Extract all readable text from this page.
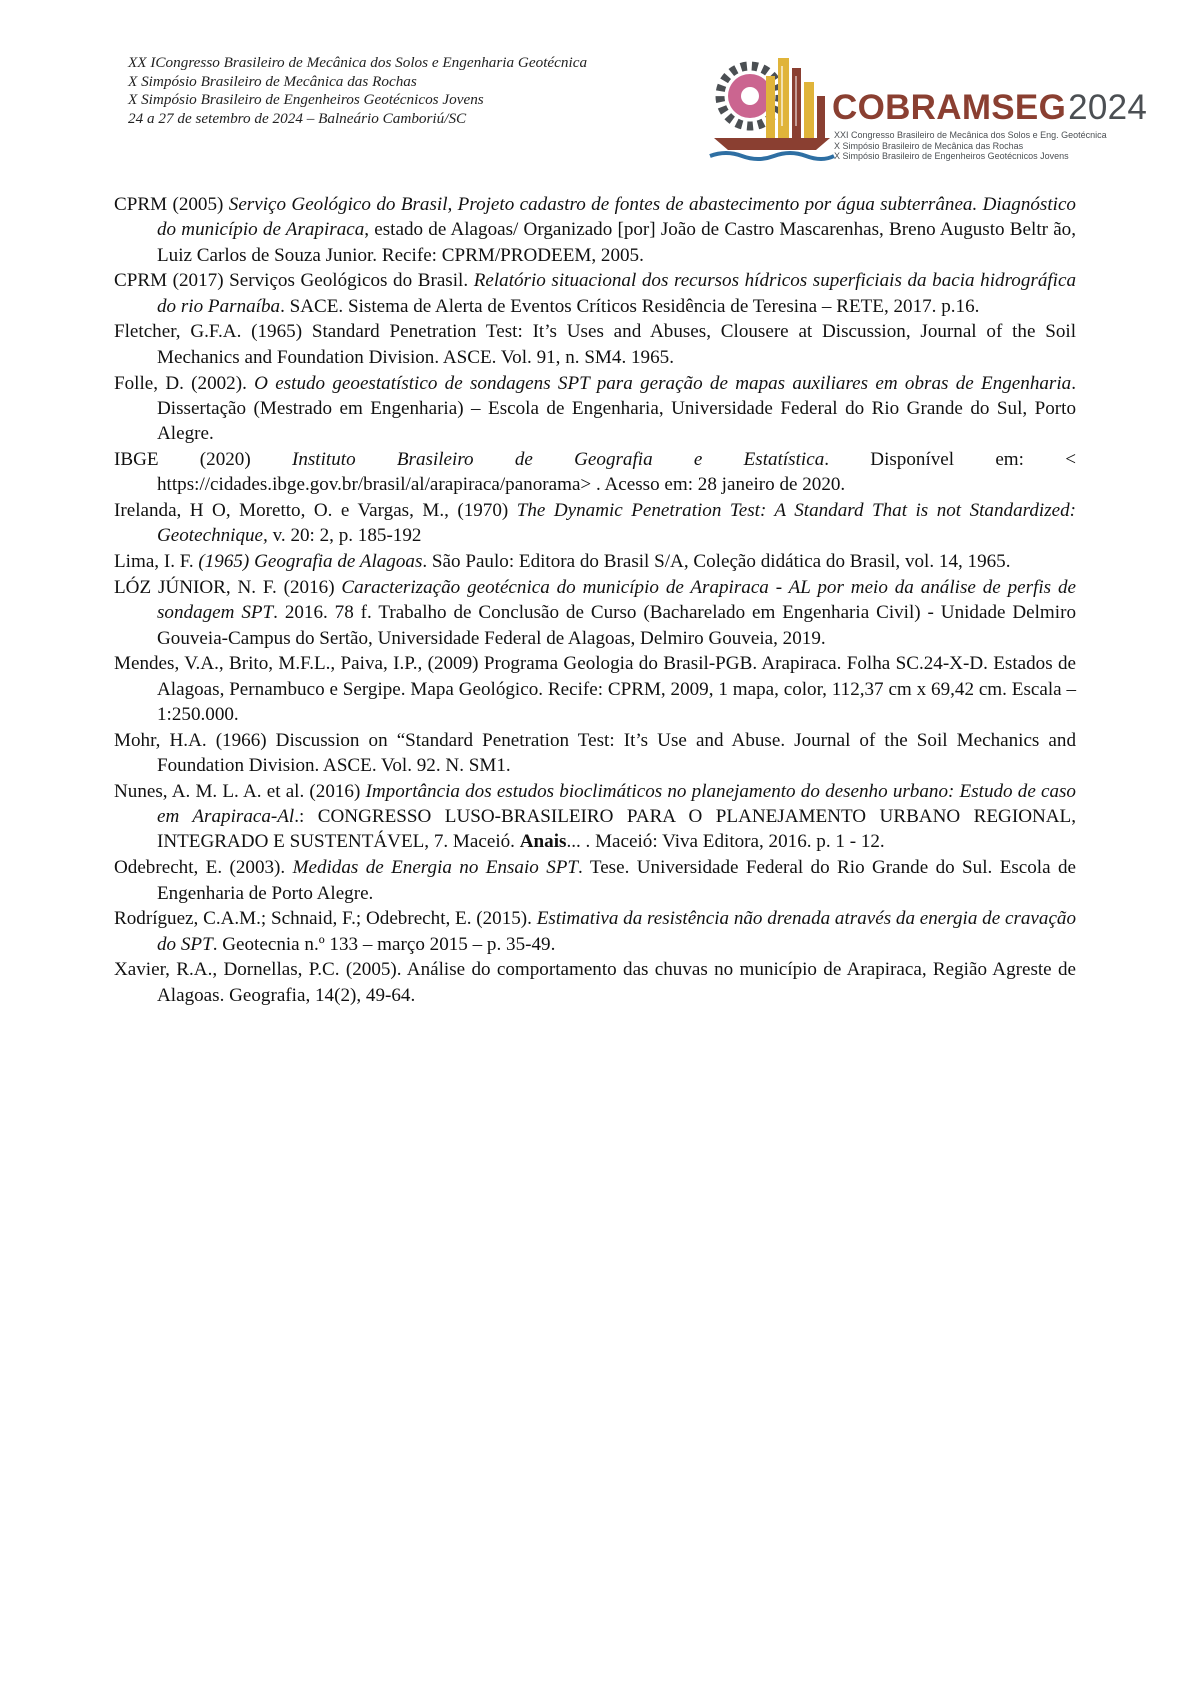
XX ICongresso Brasileiro de Mecânica dos Solos e Engenharia Geotécnica
X Simpósio Brasileiro de Mecânica das Rochas
X Simpósio Brasileiro de Engenheiros Geotécnicos Jovens
24 a 27 de setembro de 2024 – Balneário Camboriú/SC	COBRAMSEG2024
XXI Congresso Brasileiro de Mecânica dos Solos e Eng. Geotécnica
X Simpósio Brasileiro de Mecânica das Rochas
X Simpósio Brasileiro de Engenheiros Geotécnicos Jovens

CPRM (2005) Serviço Geológico do Brasil, Projeto cadastro de fontes de abastecimento por água subterrânea. Diagnóstico do município de Arapiraca, estado de Alagoas/ Organizado [por] João de Castro Mascarenhas, Breno Augusto Beltr ão, Luiz Carlos de Souza Junior. Recife: CPRM/PRODEEM, 2005.

CPRM (2017) Serviços Geológicos do Brasil. Relatório situacional dos recursos hídricos superficiais da bacia hidrográfica do rio Parnaíba. SACE. Sistema de Alerta de Eventos Críticos Residência de Teresina – RETE, 2017. p.16.

Fletcher, G.F.A. (1965) Standard Penetration Test: It’s Uses and Abuses, Clousere at Discussion, Journal of the Soil Mechanics and Foundation Division. ASCE. Vol. 91, n. SM4. 1965.

Folle, D. (2002). O estudo geoestatístico de sondagens SPT para geração de mapas auxiliares em obras de Engenharia. Dissertação (Mestrado em Engenharia) – Escola de Engenharia, Universidade Federal do Rio Grande do Sul, Porto Alegre.

IBGE (2020) Instituto Brasileiro de Geografia e Estatística. Disponível em: < https://cidades.ibge.gov.br/brasil/al/arapiraca/panorama> . Acesso em: 28 janeiro de 2020.

Irelanda, H O, Moretto, O. e Vargas, M., (1970) The Dynamic Penetration Test: A Standard That is not Standardized: Geotechnique, v. 20: 2, p. 185-192

Lima, I. F. (1965) Geografia de Alagoas. São Paulo: Editora do Brasil S/A, Coleção didática do Brasil, vol. 14, 1965.

LÓZ JÚNIOR, N. F. (2016) Caracterização geotécnica do município de Arapiraca - AL por meio da análise de perfis de sondagem SPT. 2016. 78 f. Trabalho de Conclusão de Curso (Bacharelado em Engenharia Civil) - Unidade Delmiro Gouveia-Campus do Sertão, Universidade Federal de Alagoas, Delmiro Gouveia, 2019.

Mendes, V.A., Brito, M.F.L., Paiva, I.P., (2009) Programa Geologia do Brasil-PGB. Arapiraca. Folha SC.24-X-D. Estados de Alagoas, Pernambuco e Sergipe. Mapa Geológico. Recife: CPRM, 2009, 1 mapa, color, 112,37 cm x 69,42 cm. Escala – 1:250.000.

Mohr, H.A. (1966) Discussion on “Standard Penetration Test: It’s Use and Abuse. Journal of the Soil Mechanics and Foundation Division. ASCE. Vol. 92. N. SM1.

Nunes, A. M. L. A. et al. (2016) Importância dos estudos bioclimáticos no planejamento do desenho urbano: Estudo de caso em Arapiraca-Al.: CONGRESSO LUSO-BRASILEIRO PARA O PLANEJAMENTO URBANO REGIONAL, INTEGRADO E SUSTENTÁVEL, 7. Maceió. Anais... . Maceió: Viva Editora, 2016. p. 1 - 12.

Odebrecht, E. (2003). Medidas de Energia no Ensaio SPT. Tese. Universidade Federal do Rio Grande do Sul. Escola de Engenharia de Porto Alegre.

Rodríguez, C.A.M.; Schnaid, F.; Odebrecht, E. (2015). Estimativa da resistência não drenada através da energia de cravação do SPT. Geotecnia n.º 133 – março 2015 – p. 35-49.

Xavier, R.A., Dornellas, P.C. (2005). Análise do comportamento das chuvas no município de Arapiraca, Região Agreste de Alagoas. Geografia, 14(2), 49-64.
